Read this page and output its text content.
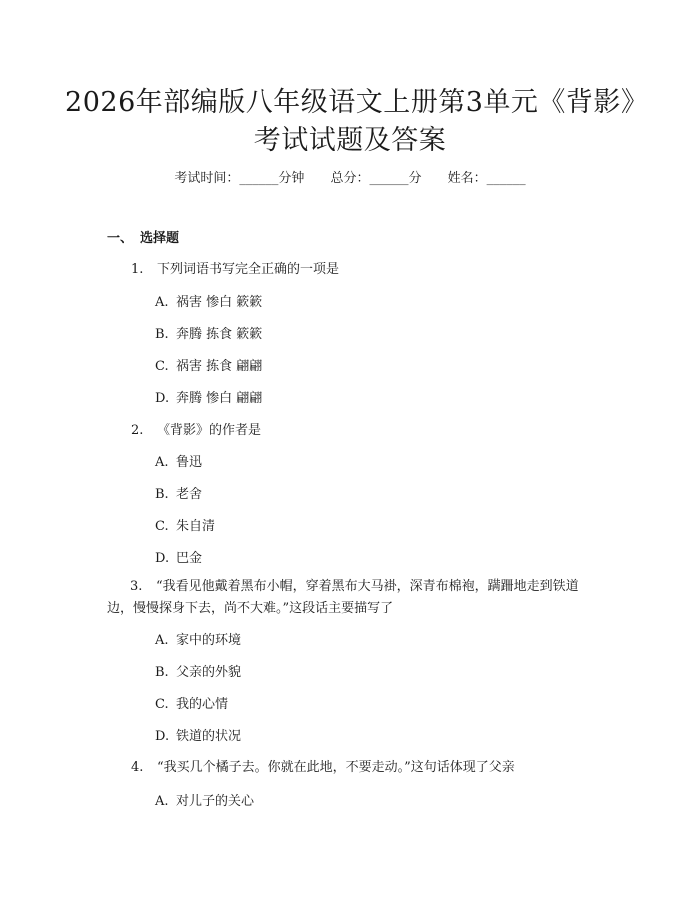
2026年部编版八年级语文上册第3单元《背影》考试试题及答案
考试时间：______分钟 总分：______分 姓名：______
一、 选择题
1. 下列词语书写完全正确的一项是
A. 祸害 惨白 簌簌
B. 奔腾 拣食 簌簌
C. 祸害 拣食 翩翩
D. 奔腾 惨白 翩翩
2. 《背影》的作者是
A. 鲁迅
B. 老舍
C. 朱自清
D. 巴金
3. “我看见他戴着黑布小帽，穿着黑布大马褂，深青布棉袍，蹒跚地走到铁道边，慢慢探身下去，尚不大难。”这段话主要描写了
A. 家中的环境
B. 父亲的外貌
C. 我的心情
D. 铁道的状况
4. “我买几个橘子去。你就在此地，不要走动。”这句话体现了父亲
A. 对儿子的关心
